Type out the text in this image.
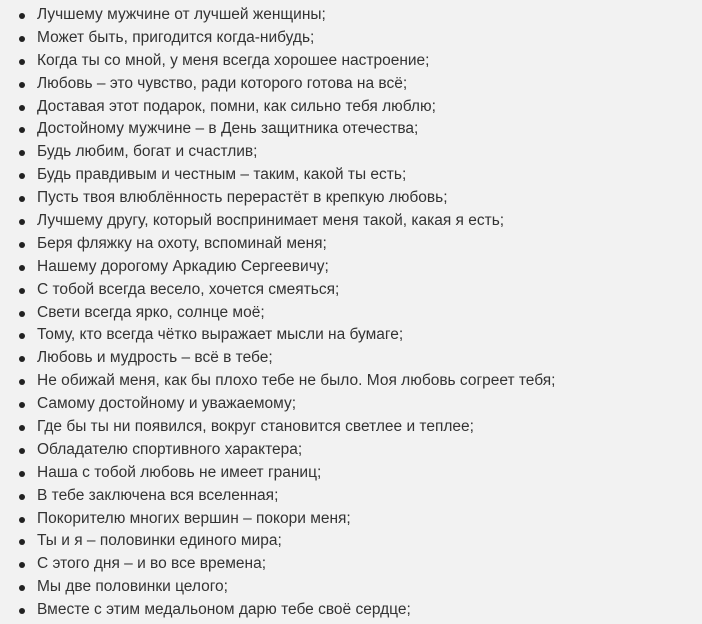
Лучшему мужчине от лучшей женщины;
Может быть, пригодится когда-нибудь;
Когда ты со мной, у меня всегда хорошее настроение;
Любовь – это чувство, ради которого готова на всё;
Доставая этот подарок, помни, как сильно тебя люблю;
Достойному мужчине – в День защитника отечества;
Будь любим, богат и счастлив;
Будь правдивым и честным – таким, какой ты есть;
Пусть твоя влюблённость перерастёт в крепкую любовь;
Лучшему другу, который воспринимает меня такой, какая я есть;
Беря фляжку на охоту, вспоминай меня;
Нашему дорогому Аркадию Сергеевичу;
С тобой всегда весело, хочется смеяться;
Свети всегда ярко, солнце моё;
Тому, кто всегда чётко выражает мысли на бумаге;
Любовь и мудрость – всё в тебе;
Не обижай меня, как бы плохо тебе не было. Моя любовь согреет тебя;
Самому достойному и уважаемому;
Где бы ты ни появился, вокруг становится светлее и теплее;
Обладателю спортивного характера;
Наша с тобой любовь не имеет границ;
В тебе заключена вся вселенная;
Покорителю многих вершин – покори меня;
Ты и я – половинки единого мира;
С этого дня – и во все времена;
Мы две половинки целого;
Вместе с этим медальоном дарю тебе своё сердце;
